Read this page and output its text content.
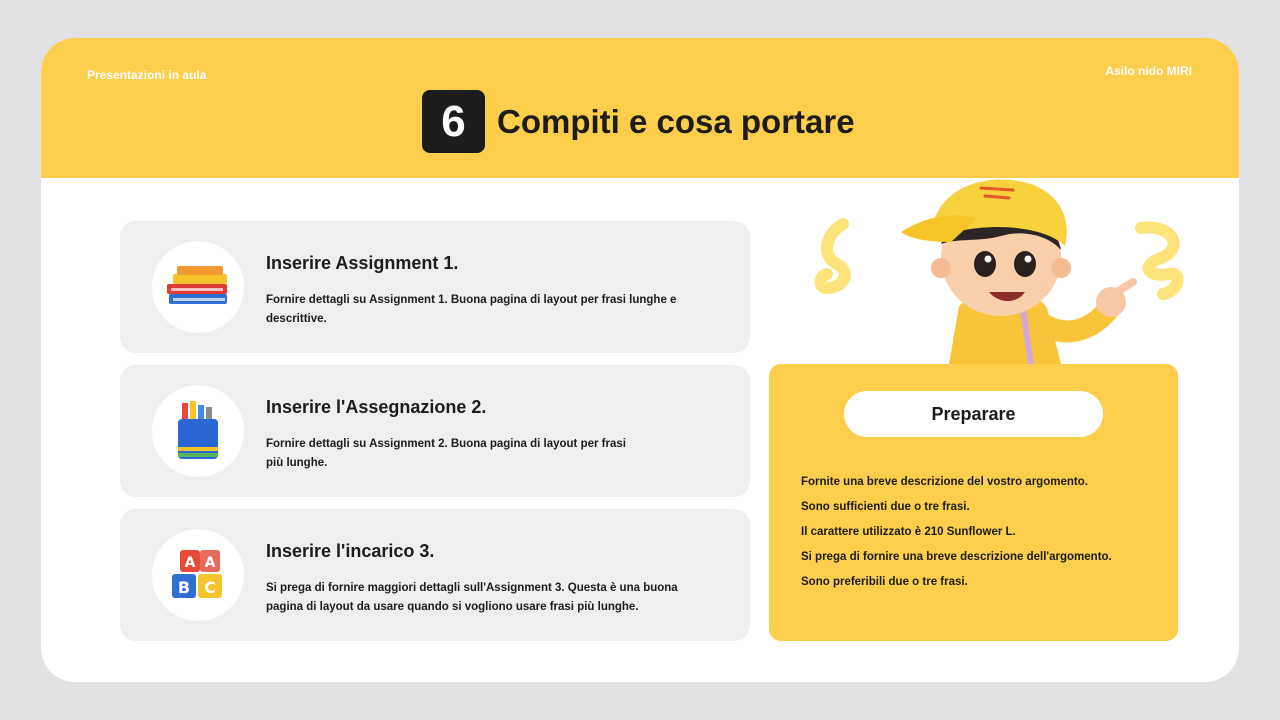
Presentazioni in aula	Asilo nido MIRI
6 Compiti e cosa portare
Inserire Assignment 1.
Fornire dettagli su Assignment 1. Buona pagina di layout per frasi lunghe e descrittive.
Inserire l'Assegnazione 2.
Fornire dettagli su Assignment 2. Buona pagina di layout per frasi più lunghe.
A A
B C
Inserire l'incarico 3.
Si prega di fornire maggiori dettagli sull'Assignment 3. Questa è una buona pagina di layout da usare quando si vogliono usare frasi più lunghe.
Preparare
Fornite una breve descrizione del vostro argomento.
Sono sufficienti due o tre frasi.
Il carattere utilizzato è 210 Sunflower L.
Si prega di fornire una breve descrizione dell'argomento.
Sono preferibili due o tre frasi.
